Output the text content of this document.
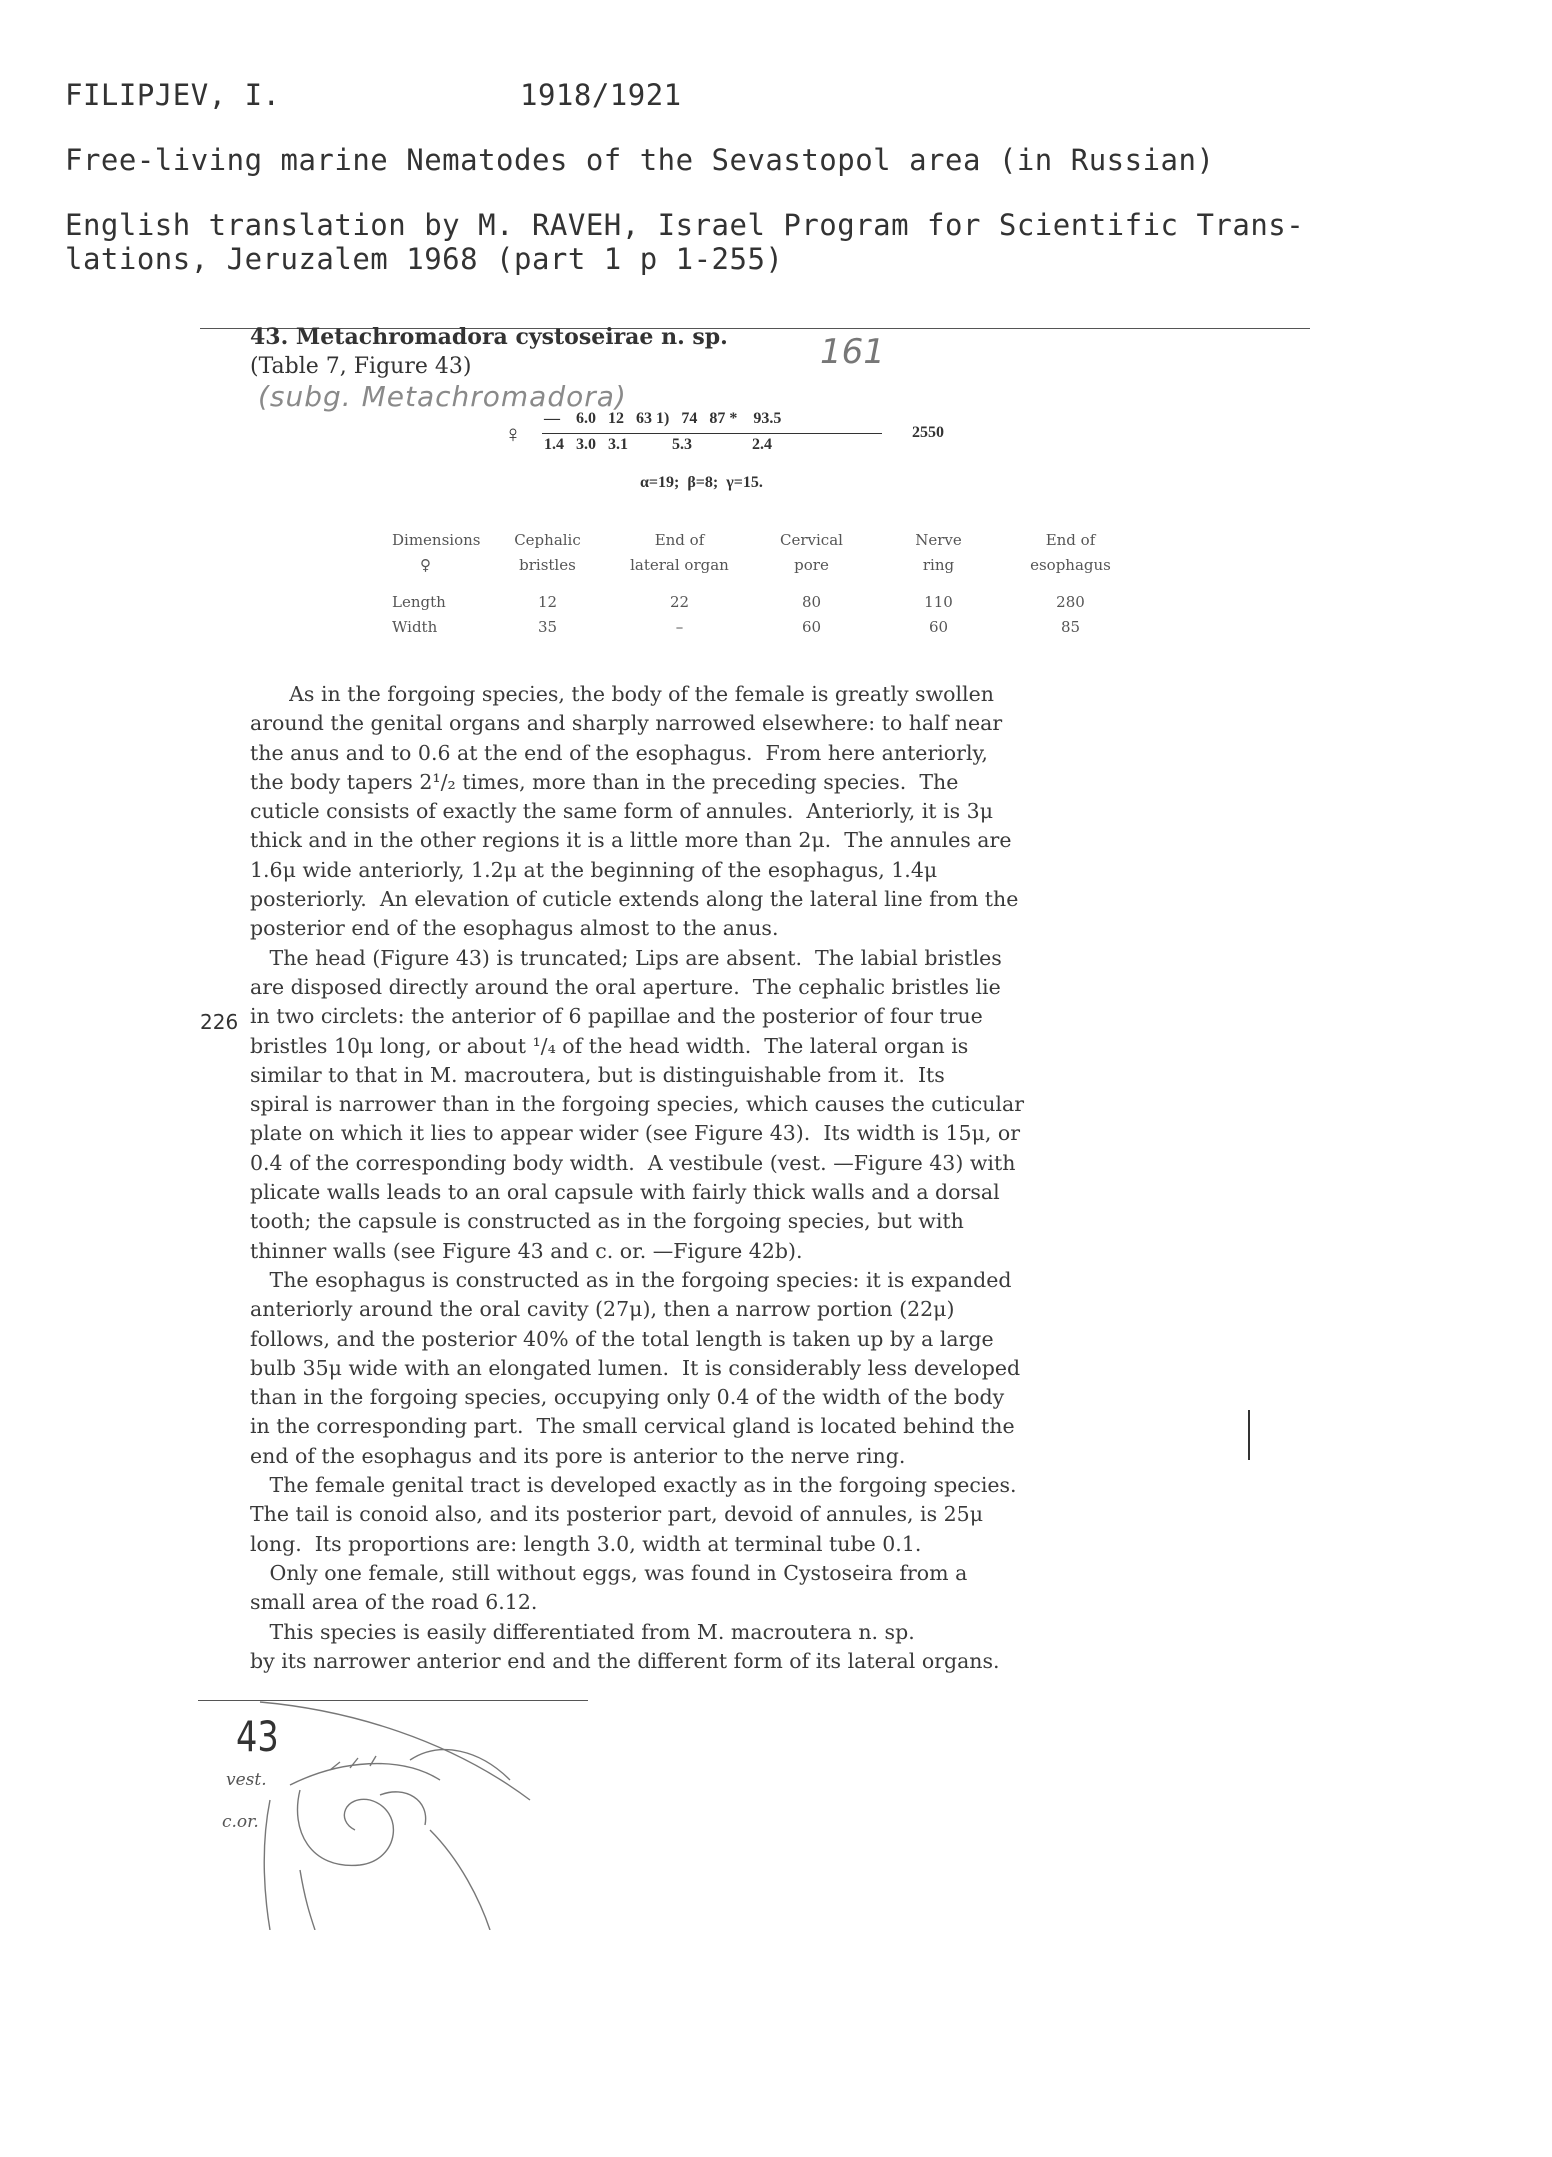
FILIPJEV, I.	1918/1921
Free-living marine Nematodes of the Sevastopol area (in Russian)
English translation by M. RAVEH, Israel Program for Scientific Trans-
lations, Jeruzalem 1968 (part 1 p 1-255)
43. Metachromadora cystoseirae n. sp.
(Table 7, Figure 43)	161
(subg. Metachromadora)
♀
—    6.0   12   63 1)   74   87 *    93.5
1.4   3.0   3.1           5.3               2.4
2550
α=19;  β=8;  γ=15.
Dimensions	Cephalic	End of	Cervical	Nerve	End of
♀	bristles	lateral organ	pore	ring	esophagus

Length	12	22	80	110	280
Width	35	–	60	60	85

As in the forgoing species, the body of the female is greatly swollen

around the genital organs and sharply narrowed elsewhere: to half near

the anus and to 0.6 at the end of the esophagus.  From here anteriorly,

the body tapers 2¹/₂ times, more than in the preceding species.  The

cuticle consists of exactly the same form of annules.  Anteriorly, it is 3μ

thick and in the other regions it is a little more than 2μ.  The annules are

1.6μ wide anteriorly, 1.2μ at the beginning of the esophagus, 1.4μ

posteriorly.  An elevation of cuticle extends along the lateral line from the

posterior end of the esophagus almost to the anus.

The head (Figure 43) is truncated; Lips are absent.  The labial bristles

are disposed directly around the oral aperture.  The cephalic bristles lie

in two circlets: the anterior of 6 papillae and the posterior of four true

bristles 10μ long, or about ¹/₄ of the head width.  The lateral organ is

similar to that in M. macroutera, but is distinguishable from it.  Its

spiral is narrower than in the forgoing species, which causes the cuticular

plate on which it lies to appear wider (see Figure 43).  Its width is 15μ, or

0.4 of the corresponding body width.  A vestibule (vest. —Figure 43) with

plicate walls leads to an oral capsule with fairly thick walls and a dorsal

tooth; the capsule is constructed as in the forgoing species, but with

thinner walls (see Figure 43 and c. or. —Figure 42b).

The esophagus is constructed as in the forgoing species: it is expanded

anteriorly around the oral cavity (27μ), then a narrow portion (22μ)

follows, and the posterior 40% of the total length is taken up by a large

bulb 35μ wide with an elongated lumen.  It is considerably less developed

than in the forgoing species, occupying only 0.4 of the width of the body

in the corresponding part.  The small cervical gland is located behind the

end of the esophagus and its pore is anterior to the nerve ring.

The female genital tract is developed exactly as in the forgoing species.

The tail is conoid also, and its posterior part, devoid of annules, is 25μ

long.  Its proportions are: length 3.0, width at terminal tube 0.1.

Only one female, still without eggs, was found in Cystoseira from a

small area of the road 6.12.

This species is easily differentiated from M. macroutera n. sp.

by its narrower anterior end and the different form of its lateral organs.

226
43
vest.
c.or.
